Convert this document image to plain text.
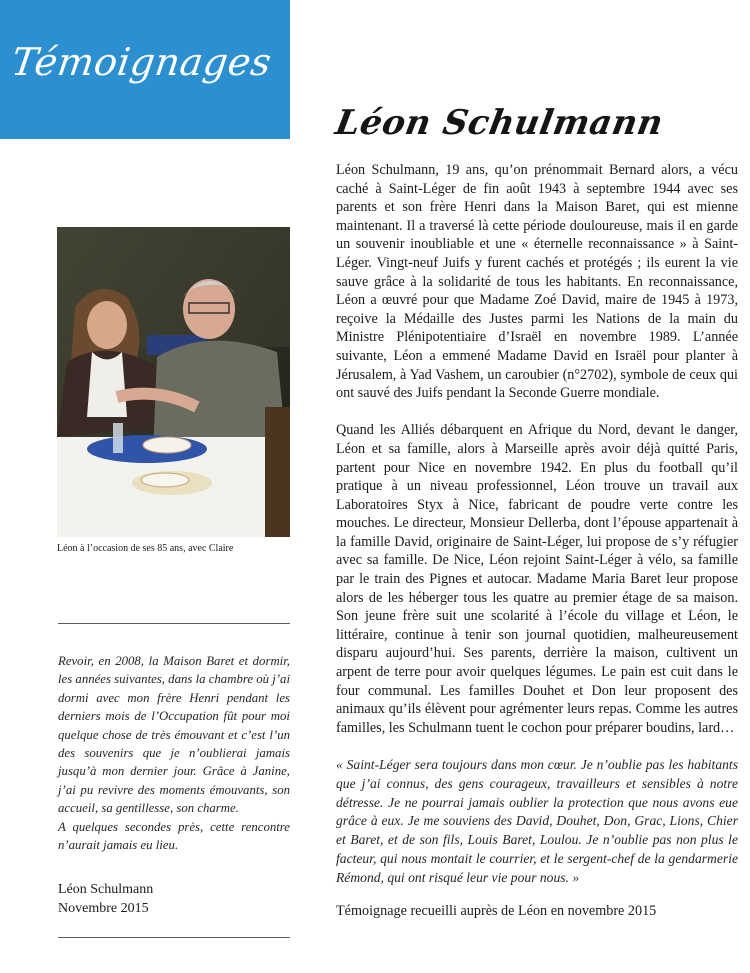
Témoignages
Léon Schulmann

Léon Schulmann, 19 ans, qu’on prénommait Bernard alors, a vécu caché à Saint-Léger de fin août 1943 à septembre 1944 avec ses parents et son frère Henri dans la Maison Baret, qui est mienne maintenant. Il a traversé là cette période douloureuse, mais il en garde un souvenir inoubliable et une « éternelle reconnaissance » à Saint-Léger. Vingt-neuf Juifs y furent cachés et protégés ; ils eurent la vie sauve grâce à la solidarité de tous les habitants. En reconnaissance, Léon a œuvré pour que Madame Zoé David, maire de 1945 à 1973, reçoive la Médaille des Justes parmi les Nations de la main du Ministre Plénipotentiaire d’Israël en novembre 1989. L’année suivante, Léon a emmené Madame David en Israël pour planter à Jérusalem, à Yad Vashem, un caroubier (n°2702), symbole de ceux qui ont sauvé des Juifs pendant la Seconde Guerre mondiale.

Quand les Alliés débarquent en Afrique du Nord, devant le danger, Léon et sa famille, alors à Marseille après avoir déjà quitté Paris, partent pour Nice en novembre 1942. En plus du football qu’il pratique à un niveau professionnel, Léon trouve un travail aux Laboratoires Styx à Nice, fabricant de poudre verte contre les mouches. Le directeur, Monsieur Dellerba, dont l’épouse appartenait à la famille David, originaire de Saint-Léger, lui propose de s’y réfugier avec sa famille. De Nice, Léon rejoint Saint-Léger à vélo, sa famille par le train des Pignes et autocar. Madame Maria Baret leur propose alors de les héberger tous les quatre au premier étage de sa maison. Son jeune frère suit une scolarité à l’école du village et Léon, le littéraire, continue à tenir son journal quotidien, malheureusement disparu aujourd’hui. Ses parents, derrière la maison, cultivent un arpent de terre pour avoir quelques légumes. Le pain est cuit dans le four communal. Les familles Douhet et Don leur proposent des animaux qu’ils élèvent pour agrémenter leurs repas. Comme les autres familles, les Schulmann tuent le cochon pour préparer boudins, lard…

« Saint-Léger sera toujours dans mon cœur. Je n’oublie pas les habitants que j’ai connus, des gens courageux, travailleurs et sensibles à notre détresse. Je ne pourrai jamais oublier la protection que nous avons eue grâce à eux. Je me souviens des David, Douhet, Don, Grac, Lions, Chier et Baret, et de son fils, Louis Baret, Loulou. Je n’oublie pas non plus le facteur, qui nous montait le courrier, et le sergent-chef de la gendarmerie Rémond, qui ont risqué leur vie pour nous. »

Témoignage recueilli auprès de Léon en novembre 2015

Léon à l’occasion de ses 85 ans, avec Claire

Revoir, en 2008, la Maison Baret et dormir, les années suivantes, dans la chambre où j’ai dormi avec mon frère Henri pendant les derniers mois de l’Occupation fût pour moi quelque chose de très émouvant et c’est l’un des souvenirs que je n’oublierai jamais jusqu’à mon dernier jour. Grâce à Janine, j’ai pu revivre des moments émouvants, son accueil, sa gentillesse, son charme.

A quelques secondes près, cette rencontre n’aurait jamais eu lieu.

Léon Schulmann
Novembre 2015
